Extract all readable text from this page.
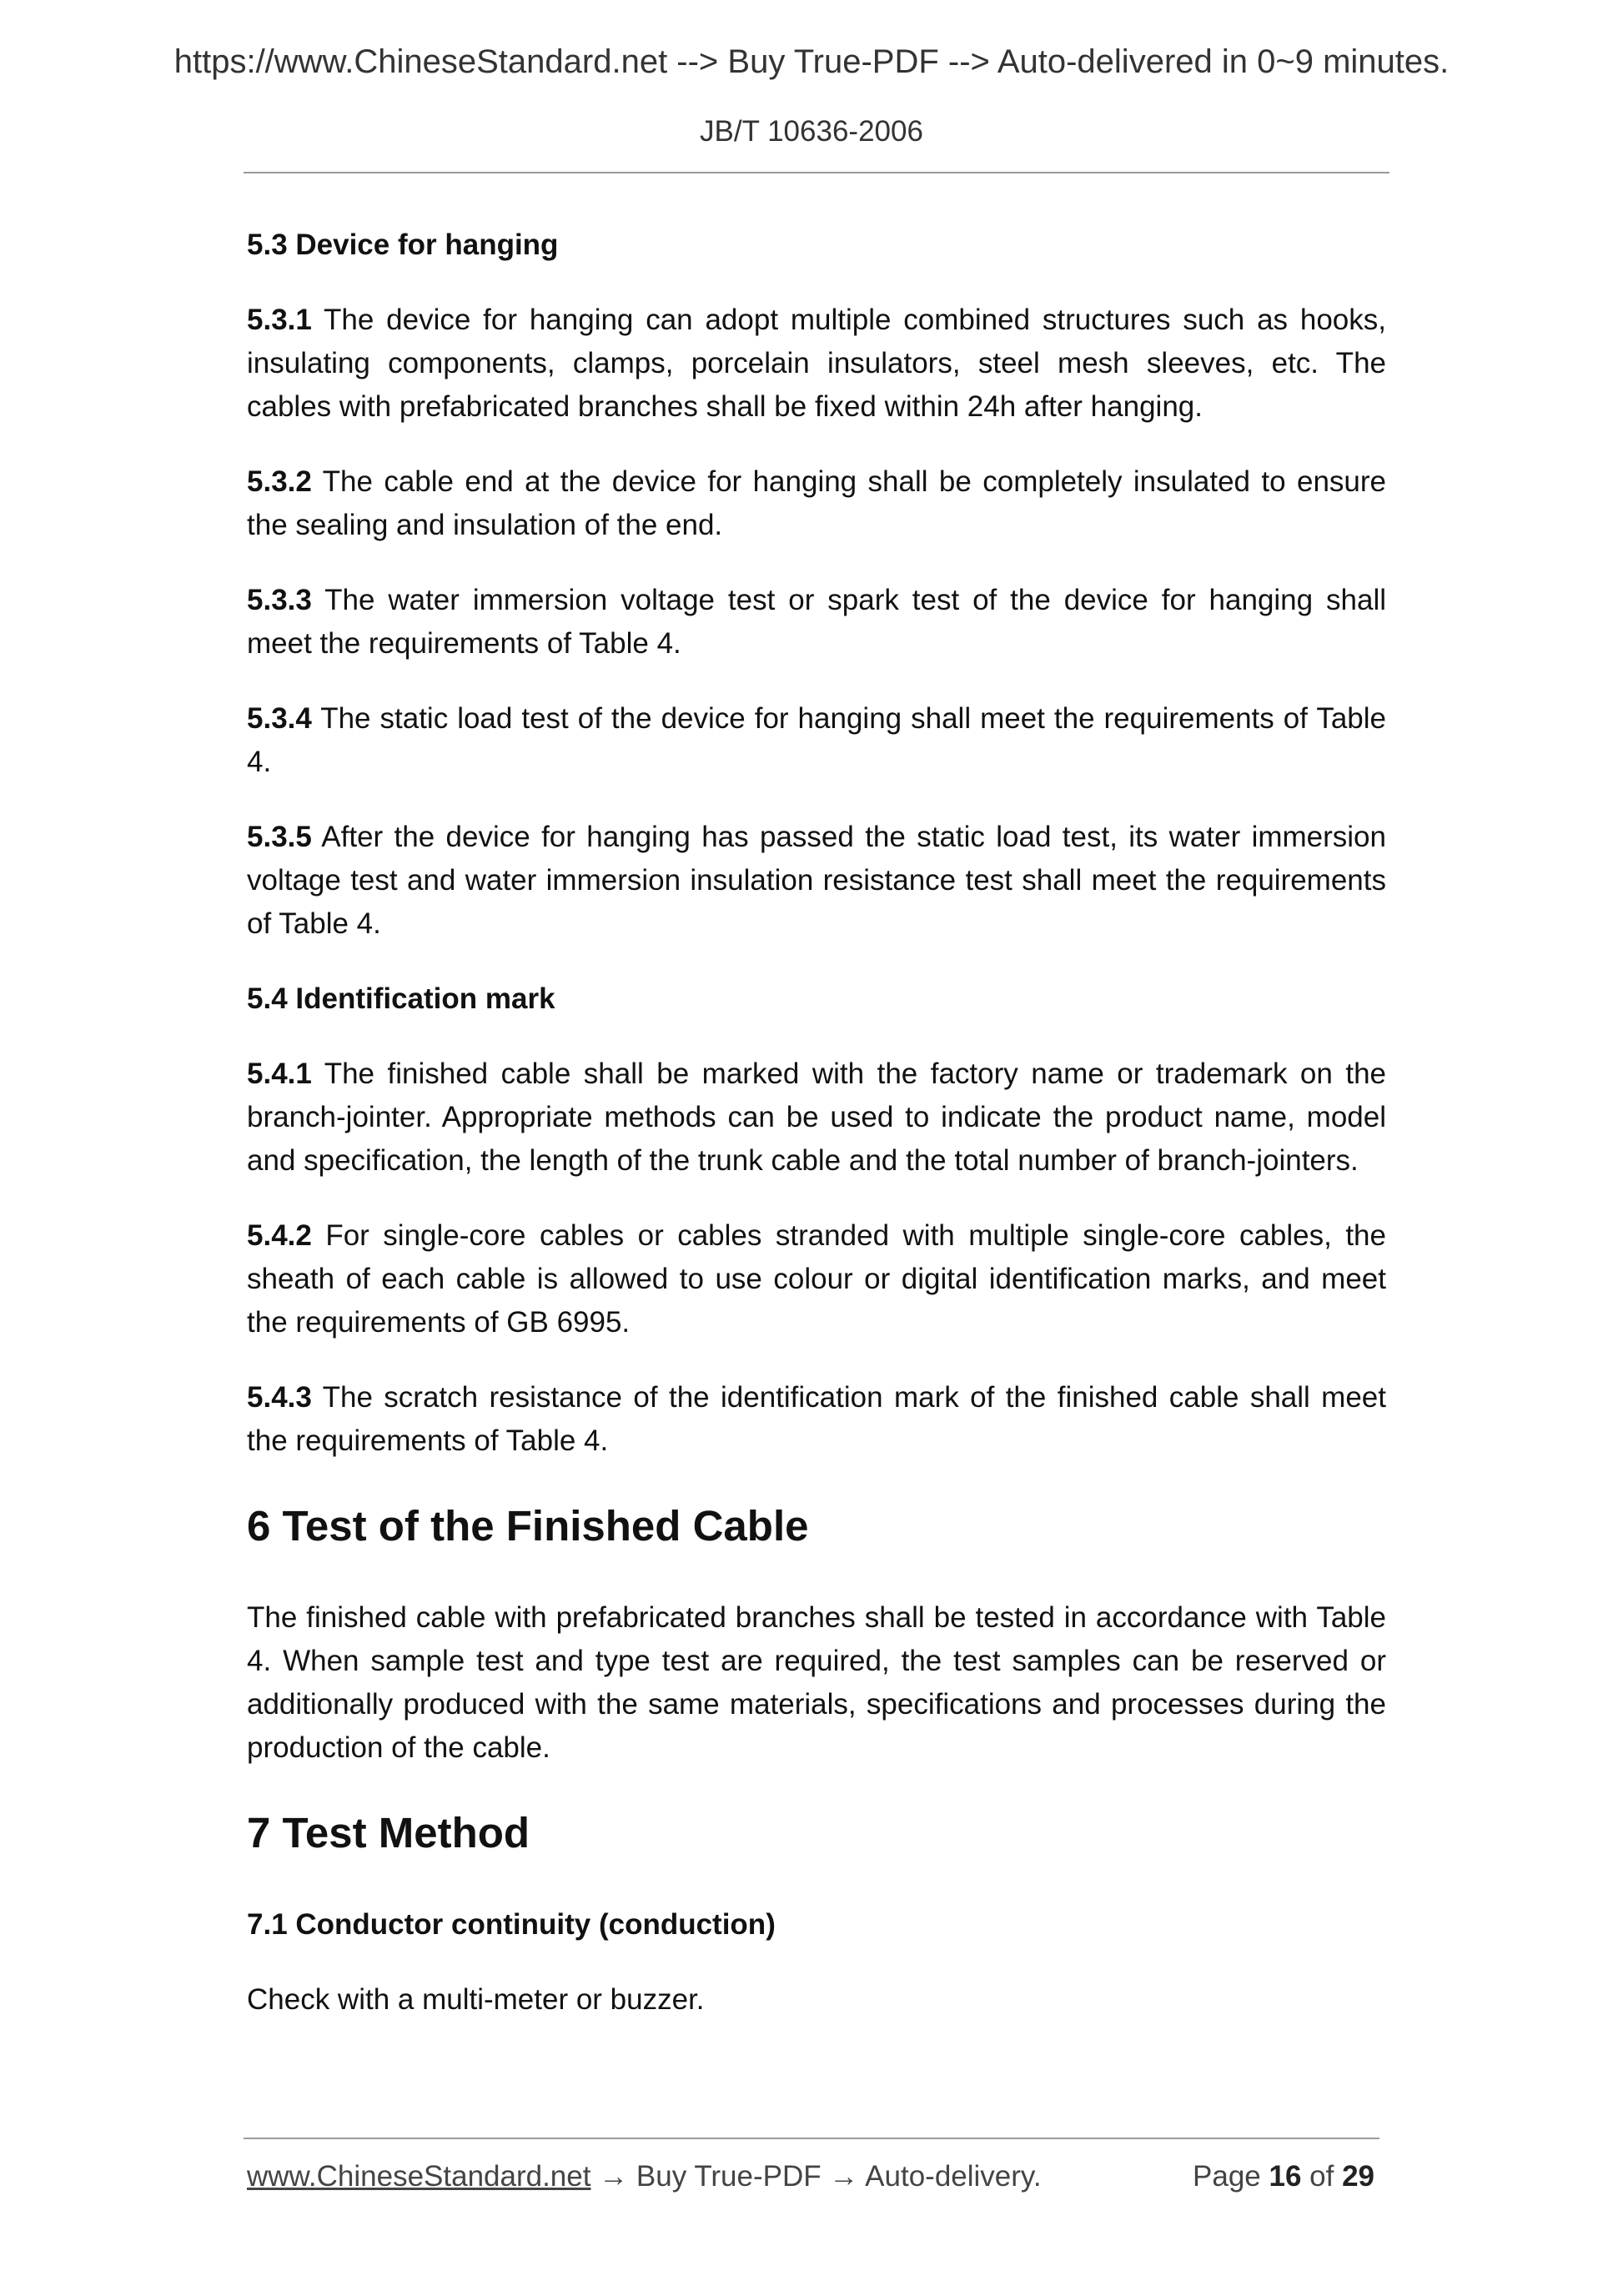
https://www.ChineseStandard.net --> Buy True-PDF --> Auto-delivered in 0~9 minutes.
JB/T 10636-2006
5.3 Device for hanging

5.3.1 The device for hanging can adopt multiple combined structures such as hooks, insulating components, clamps, porcelain insulators, steel mesh sleeves, etc. The cables with prefabricated branches shall be fixed within 24h after hanging.

5.3.2 The cable end at the device for hanging shall be completely insulated to ensure the sealing and insulation of the end.

5.3.3 The water immersion voltage test or spark test of the device for hanging shall meet the requirements of Table 4.

5.3.4 The static load test of the device for hanging shall meet the requirements of Table 4.

5.3.5 After the device for hanging has passed the static load test, its water immersion voltage test and water immersion insulation resistance test shall meet the requirements of Table 4.

5.4 Identification mark

5.4.1 The finished cable shall be marked with the factory name or trademark on the branch-jointer. Appropriate methods can be used to indicate the product name, model and specification, the length of the trunk cable and the total number of branch-jointers.

5.4.2 For single-core cables or cables stranded with multiple single-core cables, the sheath of each cable is allowed to use colour or digital identification marks, and meet the requirements of GB 6995.

5.4.3 The scratch resistance of the identification mark of the finished cable shall meet the requirements of Table 4.

6 Test of the Finished Cable

The finished cable with prefabricated branches shall be tested in accordance with Table 4. When sample test and type test are required, the test samples can be reserved or additionally produced with the same materials, specifications and processes during the production of the cable.

7 Test Method
7.1 Conductor continuity (conduction)

Check with a multi-meter or buzzer.

www.ChineseStandard.net → Buy True-PDF → Auto-delivery.	Page 16 of 29
